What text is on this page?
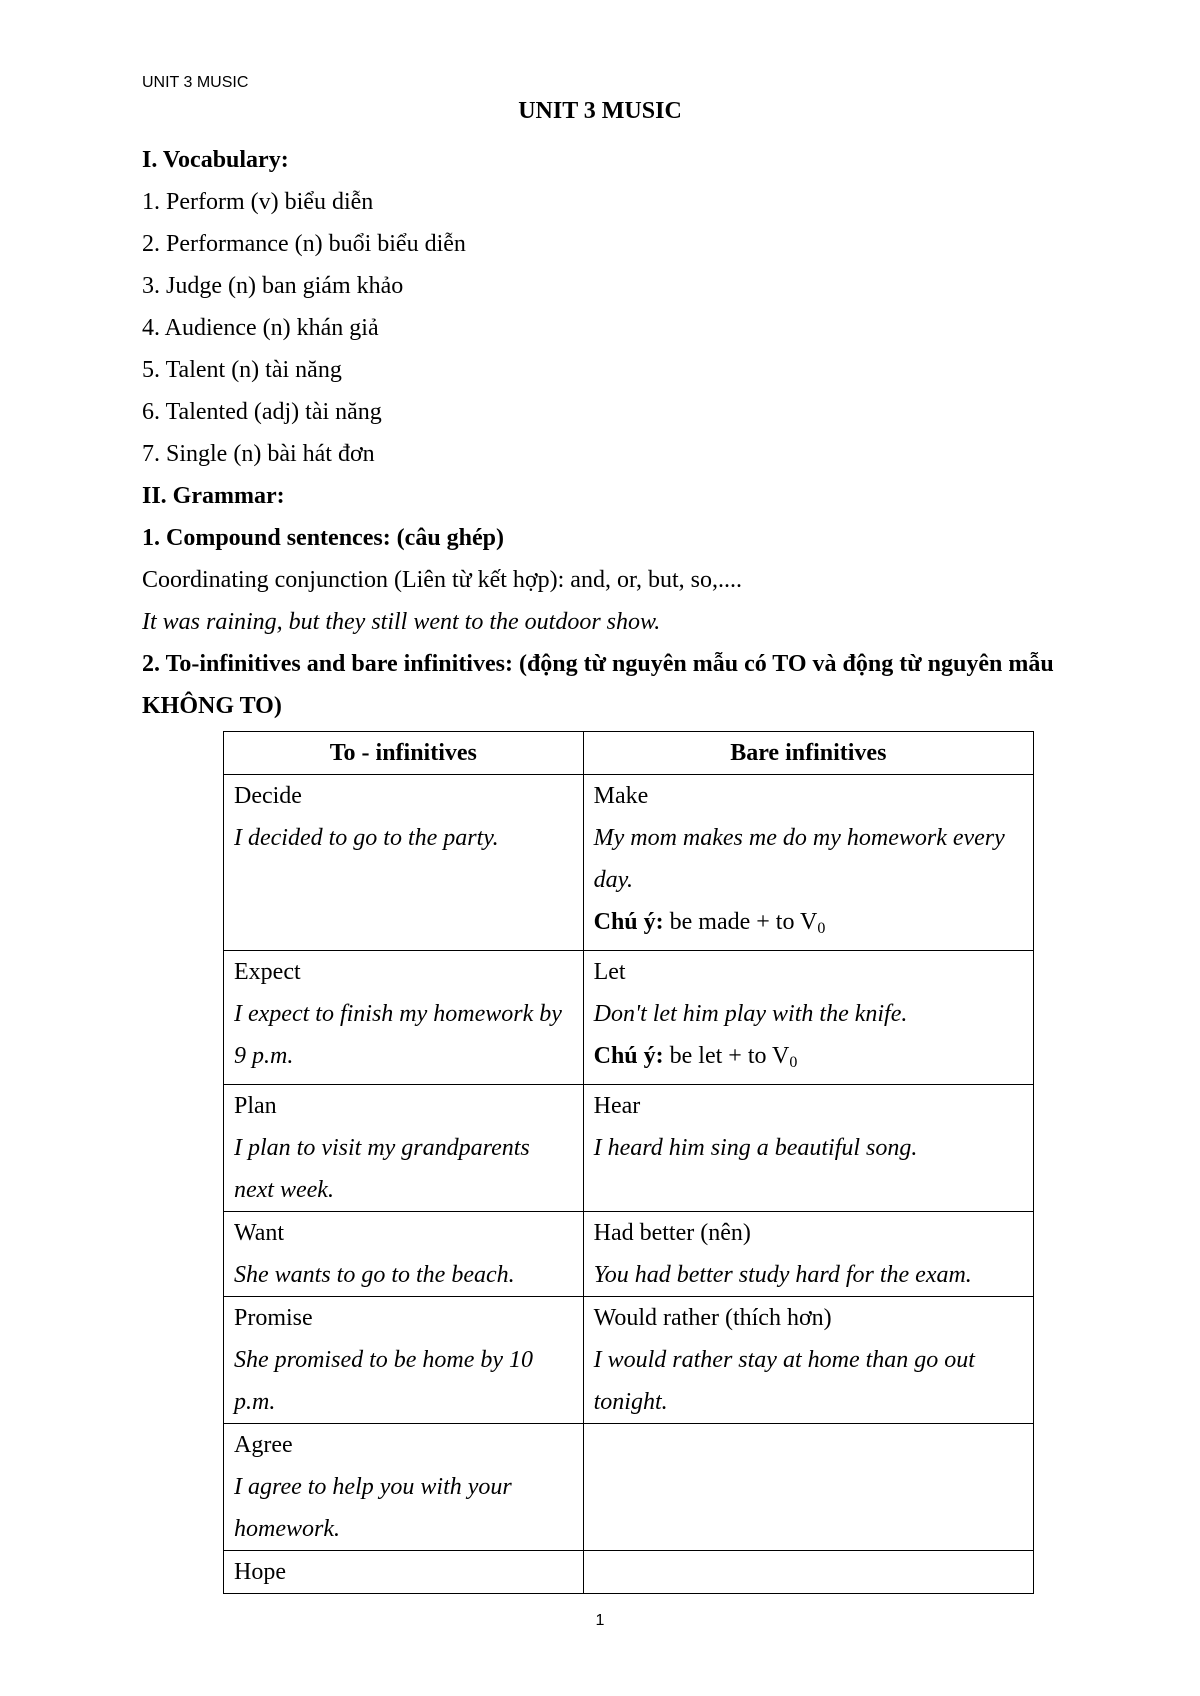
UNIT 3 MUSIC
UNIT 3 MUSIC
I. Vocabulary:
1. Perform (v) biểu diễn
2. Performance (n) buổi biểu diễn
3. Judge (n) ban giám khảo
4. Audience (n) khán giả
5. Talent (n) tài năng
6. Talented (adj) tài năng
7. Single (n) bài hát đơn
II. Grammar:
1. Compound sentences: (câu ghép)
Coordinating conjunction (Liên từ kết hợp): and, or, but, so,....
It was raining, but they still went to the outdoor show.
2. To-infinitives and bare infinitives: (động từ nguyên mẫu có TO và động từ nguyên mẫu KHÔNG TO)
To - infinitives	Bare infinitives

Decide
I decided to go to the party.	Make
My mom makes me do my homework every day.
Chú ý: be made + to $V_0$

Expect
I expect to finish my homework by 9 p.m.	Let
Don't let him play with the knife.
Chú ý: be let + to $V_0$

Plan
I plan to visit my grandparents next week.	Hear
I heard him sing a beautiful song.

Want
She wants to go to the beach.	Had better (nên)
You had better study hard for the exam.

Promise
She promised to be home by 10 p.m.	Would rather (thích hơn)
I would rather stay at home than go out tonight.

Agree
I agree to help you with your homework.	

Hope	

1
